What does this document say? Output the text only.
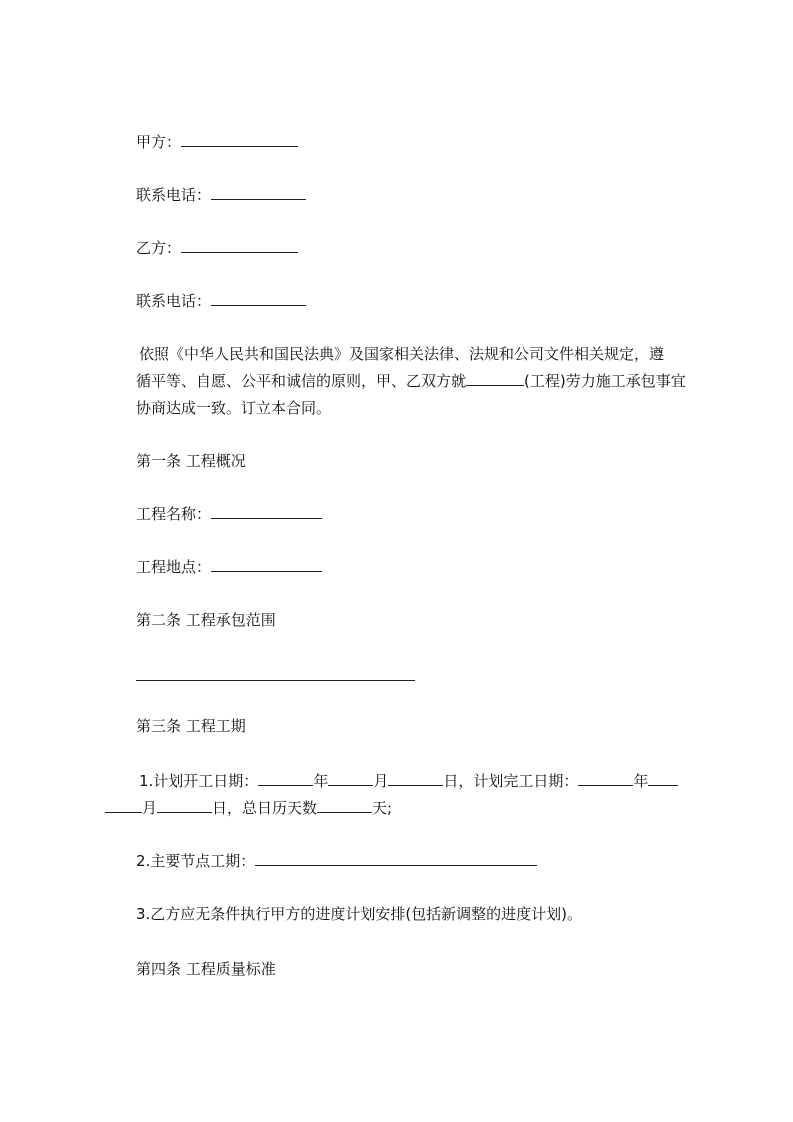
甲方：
联系电话：
乙方：
联系电话：
依照《中华人民共和国民法典》及国家相关法律、法规和公司文件相关规定，遵
循平等、自愿、公平和诚信的原则，甲、乙双方就	(工程)劳力施工承包事宜
协商达成一致。订立本合同。
第一条 工程概况
工程名称：
工程地点：
第二条 工程承包范围
第三条 工程工期
1.计划开工日期：	年	月	日，计划完工日期：	年
月	日，总日历天数	天;
2.主要节点工期：
3.乙方应无条件执行甲方的进度计划安排(包括新调整的进度计划)。
第四条 工程质量标准
